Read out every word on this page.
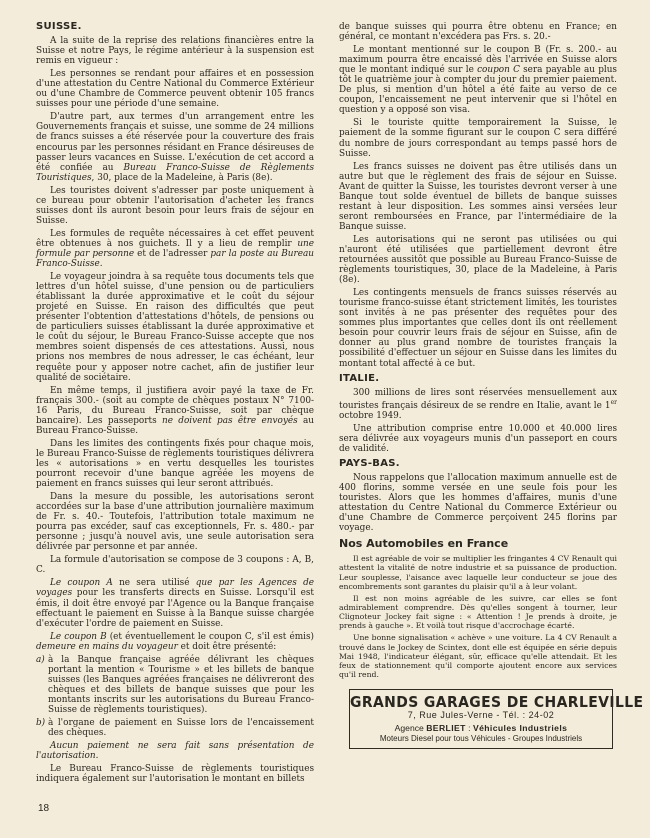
SUISSE.

A la suite de la reprise des relations financières entre la Suisse et notre Pays, le régime antérieur à la suspension est remis en vigueur :

Les personnes se rendant pour affaires et en possession d'une attestation du Centre National du Commerce Extérieur ou d'une Chambre de Commerce peuvent obtenir 105 francs suisses pour une période d'une semaine.

D'autre part, aux termes d'un arrangement entre les Gouvernements français et suisse, une somme de 24 millions de francs suisses a été réservée pour la couverture des frais encourus par les personnes résidant en France désireuses de passer leurs vacances en Suisse. L'exécution de cet accord a été confiée au Bureau Franco-Suisse de Règlements Touristiques, 30, place de la Madeleine, à Paris (8e).

Les touristes doivent s'adresser par poste uniquement à ce bureau pour obtenir l'autorisation d'acheter les francs suisses dont ils auront besoin pour leurs frais de séjour en Suisse.

Les formules de requête nécessaires à cet effet peuvent être obtenues à nos guichets. Il y a lieu de remplir une formule par personne et de l'adresser par la poste au Bureau Franco-Suisse.

Le voyageur joindra à sa requête tous documents tels que lettres d'un hôtel suisse, d'une pension ou de particuliers établissant la durée approximative et le coût du séjour projeté en Suisse. En raison des difficultés que peut présenter l'obtention d'attestations d'hôtels, de pensions ou de particuliers suisses établissant la durée approximative et le coût du séjour, le Bureau Franco-Suisse accepte que nos membres soient dispensés de ces attestations. Aussi, nous prions nos membres de nous adresser, le cas échéant, leur requête pour y apposer notre cachet, afin de justifier leur qualité de sociétaire.

En même temps, il justifiera avoir payé la taxe de Fr. français 300.- (soit au compte de chèques postaux N° 7100-16 Paris, du Bureau Franco-Suisse, soit par chèque bancaire). Les passeports ne doivent pas être envoyés au Bureau Franco-Suisse.

Dans les limites des contingents fixés pour chaque mois, le Bureau Franco-Suisse de règlements touristiques délivrera les « autorisations » en vertu desquelles les touristes pourront recevoir d'une banque agréée les moyens de paiement en francs suisses qui leur seront attribués.

Dans la mesure du possible, les autorisations seront accordées sur la base d'une attribution journalière maximum de Fr. s. 40.- Toutefois, l'attribution totale maximum ne pourra pas excéder, sauf cas exceptionnels, Fr. s. 480.- par personne ; jusqu'à nouvel avis, une seule autorisation sera délivrée par personne et par année.

La formule d'autorisation se compose de 3 coupons : A, B, C.

Le coupon A ne sera utilisé que par les Agences de voyages pour les transferts directs en Suisse. Lorsqu'il est émis, il doit être envoyé par l'Agence ou la Banque française effectuant le paiement en Suisse à la Banque suisse chargée d'exécuter l'ordre de paiement en Suisse.

Le coupon B (et éventuellement le coupon C, s'il est émis) demeure en mains du voyageur et doit être présenté:

a) à la Banque française agréée délivrant les chèques portant la mention « Tourisme » et les billets de banque suisses (les Banques agréées françaises ne délivreront des chèques et des billets de banque suisses que pour les montants inscrits sur les autorisations du Bureau Franco-Suisse de règlements touristiques).

b) à l'organe de paiement en Suisse lors de l'encaissement des chèques.

Aucun paiement ne sera fait sans présentation de l'autorisation.

Le Bureau Franco-Suisse de règlements touristiques indiquera également sur l'autorisation le montant en billets

de banque suisses qui pourra être obtenu en France; en général, ce montant n'excédera pas Frs. s. 20.-

Le montant mentionné sur le coupon B (Fr. s. 200.- au maximum pourra être encaissé dès l'arrivée en Suisse alors que le montant indiqué sur le coupon C sera payable au plus tôt le quatrième jour à compter du jour du premier paiement. De plus, si mention d'un hôtel a été faite au verso de ce coupon, l'encaissement ne peut intervenir que si l'hôtel en question y a opposé son visa.

Si le touriste quitte temporairement la Suisse, le paiement de la somme figurant sur le coupon C sera différé du nombre de jours correspondant au temps passé hors de Suisse.

Les francs suisses ne doivent pas être utilisés dans un autre but que le règlement des frais de séjour en Suisse. Avant de quitter la Suisse, les touristes devront verser à une Banque tout solde éventuel de billets de banque suisses restant à leur disposition. Les sommes ainsi versées leur seront remboursées en France, par l'intermédiaire de la Banque suisse.

Les autorisations qui ne seront pas utilisées ou qui n'auront été utilisées que partiellement devront être retournées aussitôt que possible au Bureau Franco-Suisse de règlements touristiques, 30, place de la Madeleine, à Paris (8e).

Les contingents mensuels de francs suisses réservés au tourisme franco-suisse étant strictement limités, les touristes sont invités à ne pas présenter des requêtes pour des sommes plus importantes que celles dont ils ont réellement besoin pour couvrir leurs frais de séjour en Suisse, afin de donner au plus grand nombre de touristes français la possibilité d'effectuer un séjour en Suisse dans les limites du montant total affecté à ce but.

ITALIE.

300 millions de lires sont réservées mensuellement aux touristes français désireux de se rendre en Italie, avant le 1er octobre 1949.

Une attribution comprise entre 10.000 et 40.000 lires sera délivrée aux voyageurs munis d'un passeport en cours de validité.

PAYS-BAS.

Nous rappelons que l'allocation maximum annuelle est de 400 florins, somme versée en une seule fois pour les touristes. Alors que les hommes d'affaires, munis d'une attestation du Centre National du Commerce Extérieur ou d'une Chambre de Commerce perçoivent 245 florins par voyage.

Nos Automobiles en France

Il est agréable de voir se multiplier les fringantes 4 CV Renault qui attestent la vitalité de notre industrie et sa puissance de production. Leur souplesse, l'aisance avec laquelle leur conducteur se joue des encombrements sont garantes du plaisir qu'il a à leur volant.

Il est non moins agréable de les suivre, car elles se font admirablement comprendre. Dès qu'elles songent à tourner, leur Clignoteur Jockey fait signe : « Attention ! Je prends à droite, je prends à gauche ». Et voilà tout risque d'accrochage écarté.

Une bonne signalisation « achève » une voiture. La 4 CV Renault a trouvé dans le Jockey de Scintex, dont elle est équipée en série depuis Mai 1948, l'indicateur élégant, sûr, efficace qu'elle attendait. Et les feux de stationnement qu'il comporte ajoutent encore aux services qu'il rend.

GRANDS GARAGES DE CHARLEVILLE
7, Rue Jules-Verne - Tél. : 24-02
Agence BERLIET : Véhicules Industriels
Moteurs Diesel pour tous Véhicules - Groupes Industriels
18
